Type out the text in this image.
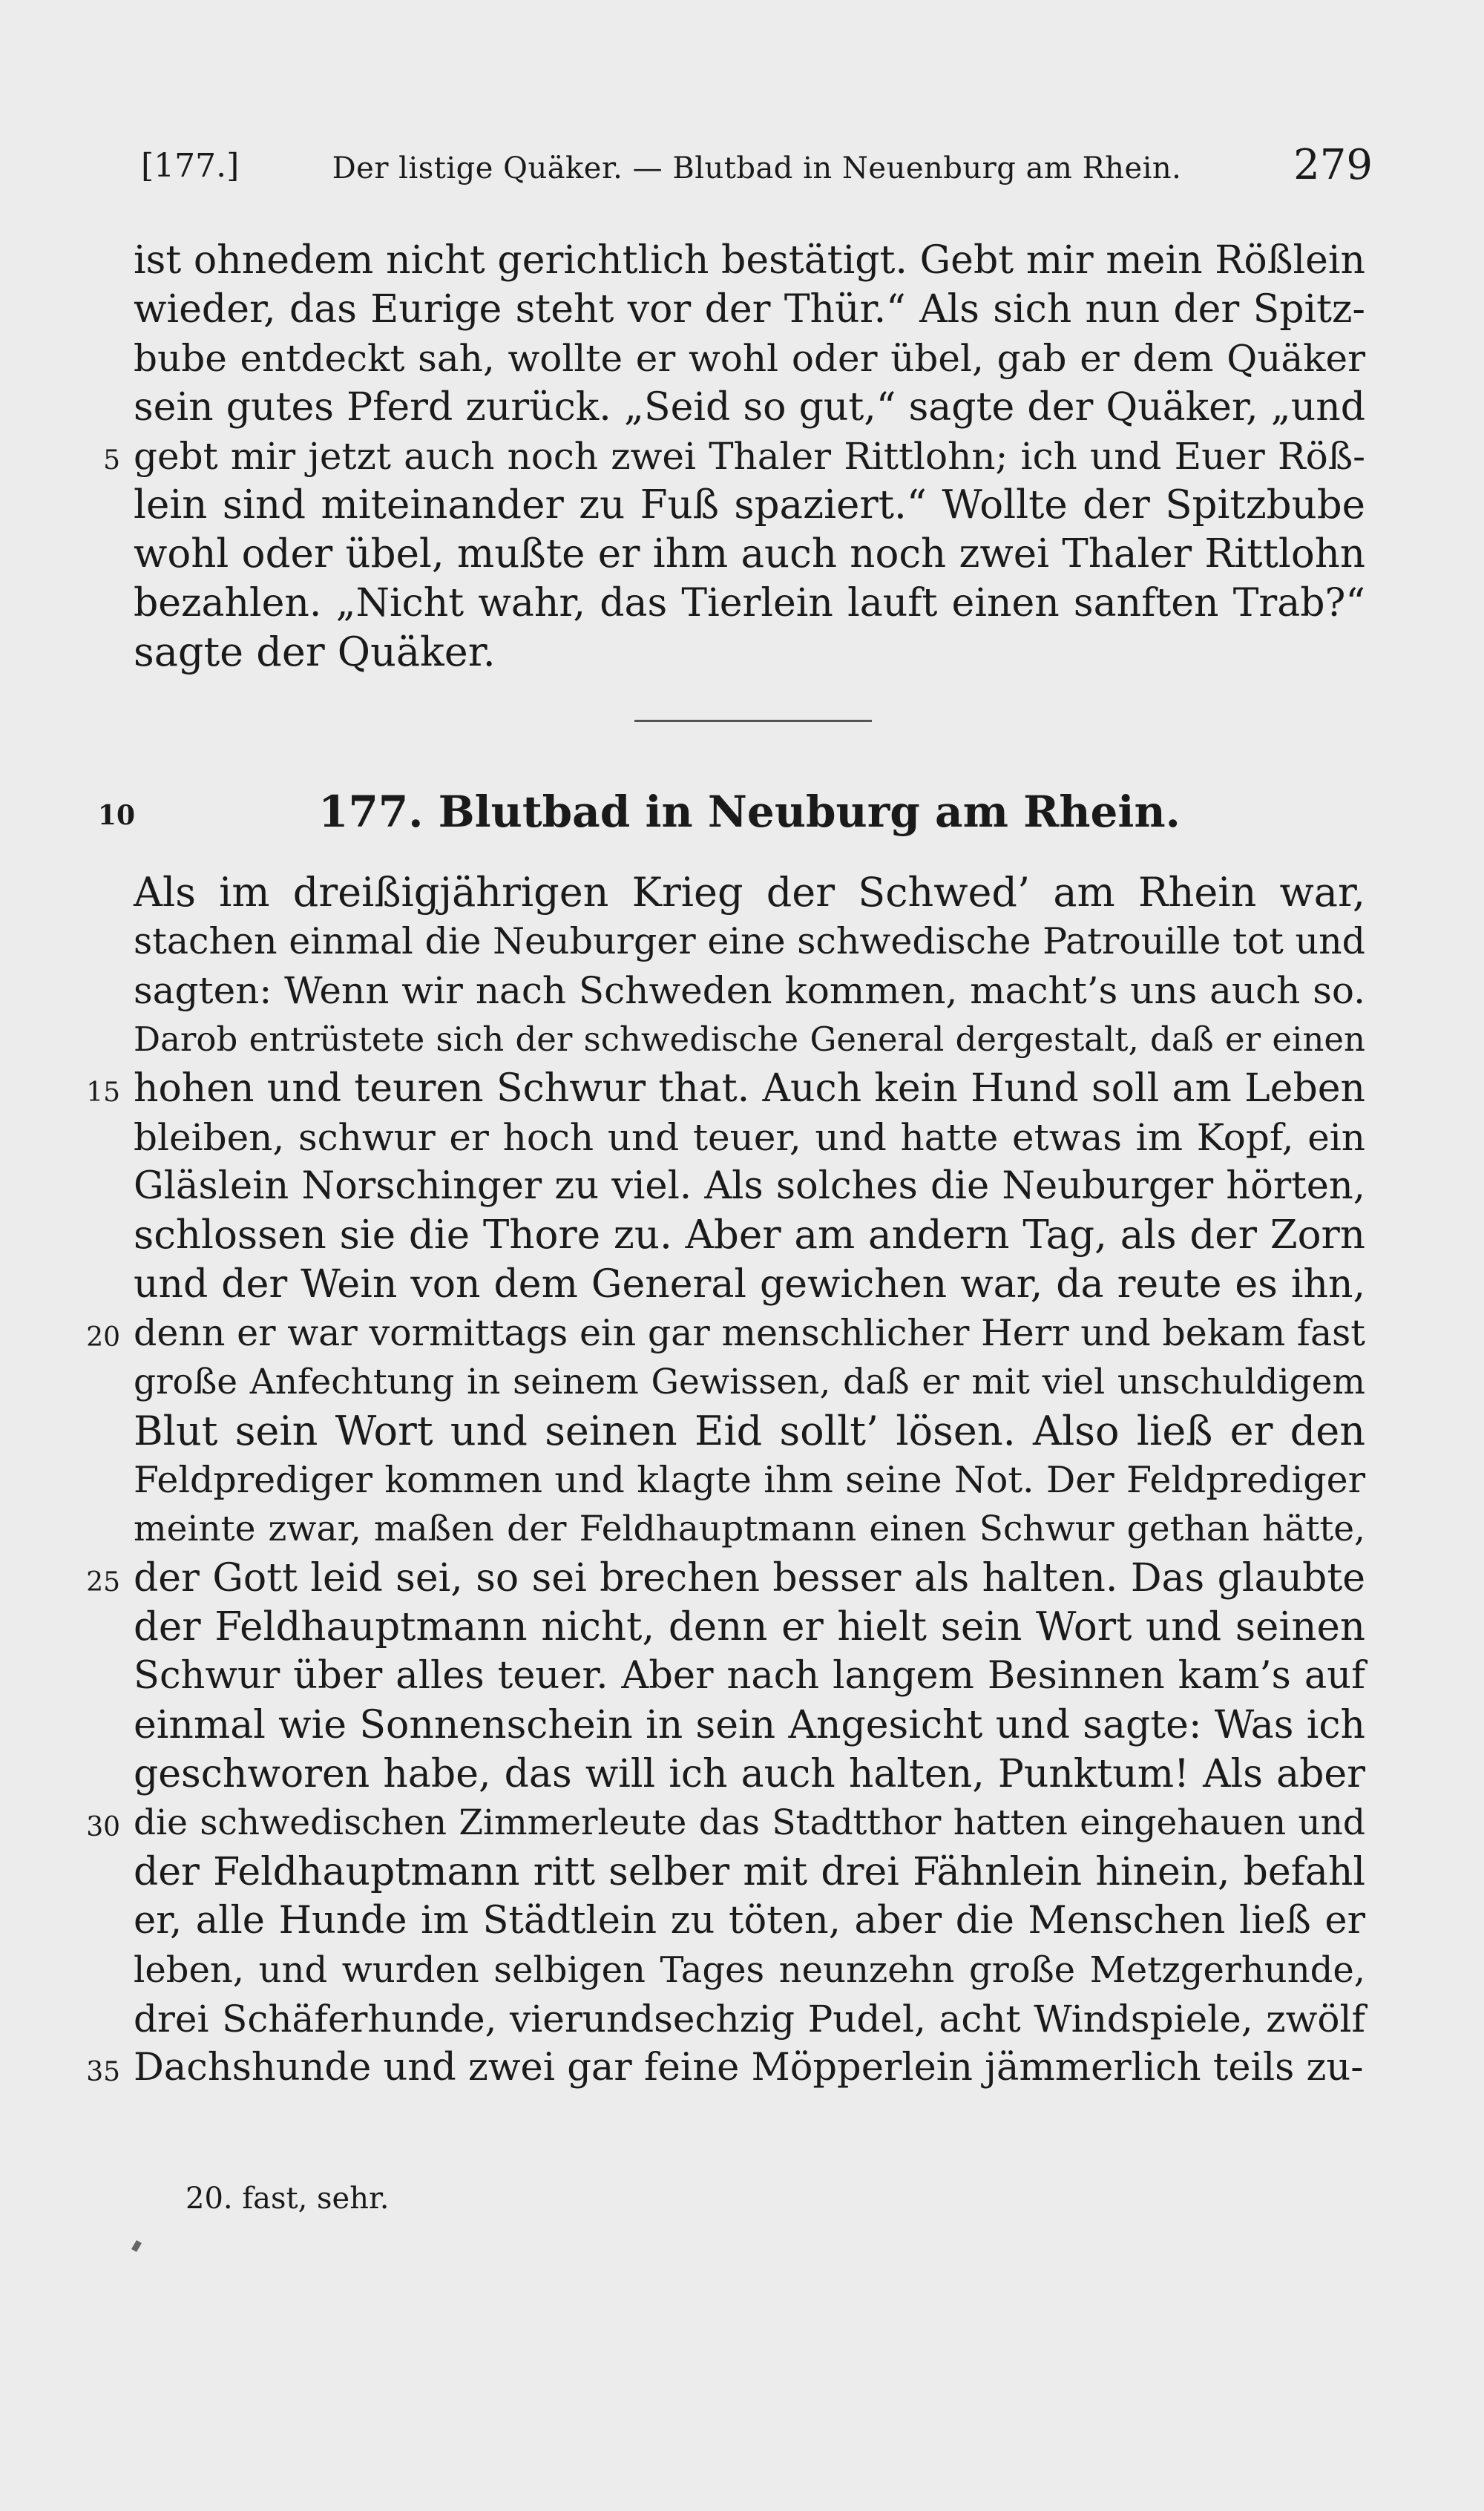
[177.]	Der listige Quäker. — Blutbad in Neuenburg am Rhein.	279
ist ohnedem nicht gerichtlich bestätigt. Gebt mir mein Rößlein
wieder, das Eurige steht vor der Thür.“ Als sich nun der Spitz-
bube entdeckt sah, wollte er wohl oder übel, gab er dem Quäker
sein gutes Pferd zurück. „Seid so gut,“ sagte der Quäker, „und
5 gebt mir jetzt auch noch zwei Thaler Rittlohn; ich und Euer Röß-
lein sind miteinander zu Fuß spaziert.“ Wollte der Spitzbube
wohl oder übel, mußte er ihm auch noch zwei Thaler Rittlohn
bezahlen. „Nicht wahr, das Tierlein lauft einen sanften Trab?“
sagte der Quäker.
10	177. Blutbad in Neuburg am Rhein.
Als im dreißigjährigen Krieg der Schwed’ am Rhein war,
stachen einmal die Neuburger eine schwedische Patrouille tot und
sagten: Wenn wir nach Schweden kommen, macht’s uns auch so.
Darob entrüstete sich der schwedische General dergestalt, daß er einen
15 hohen und teuren Schwur that. Auch kein Hund soll am Leben
bleiben, schwur er hoch und teuer, und hatte etwas im Kopf, ein
Gläslein Norschinger zu viel. Als solches die Neuburger hörten,
schlossen sie die Thore zu. Aber am andern Tag, als der Zorn
und der Wein von dem General gewichen war, da reute es ihn,
20 denn er war vormittags ein gar menschlicher Herr und bekam fast
große Anfechtung in seinem Gewissen, daß er mit viel unschuldigem
Blut sein Wort und seinen Eid sollt’ lösen. Also ließ er den
Feldprediger kommen und klagte ihm seine Not. Der Feldprediger
meinte zwar, maßen der Feldhauptmann einen Schwur gethan hätte,
25 der Gott leid sei, so sei brechen besser als halten. Das glaubte
der Feldhauptmann nicht, denn er hielt sein Wort und seinen
Schwur über alles teuer. Aber nach langem Besinnen kam’s auf
einmal wie Sonnenschein in sein Angesicht und sagte: Was ich
geschworen habe, das will ich auch halten, Punktum! Als aber
30 die schwedischen Zimmerleute das Stadtthor hatten eingehauen und
der Feldhauptmann ritt selber mit drei Fähnlein hinein, befahl
er, alle Hunde im Städtlein zu töten, aber die Menschen ließ er
leben, und wurden selbigen Tages neunzehn große Metzgerhunde,
drei Schäferhunde, vierundsechzig Pudel, acht Windspiele, zwölf
35 Dachshunde und zwei gar feine Möpperlein jämmerlich teils zu-
20. fast, sehr.
